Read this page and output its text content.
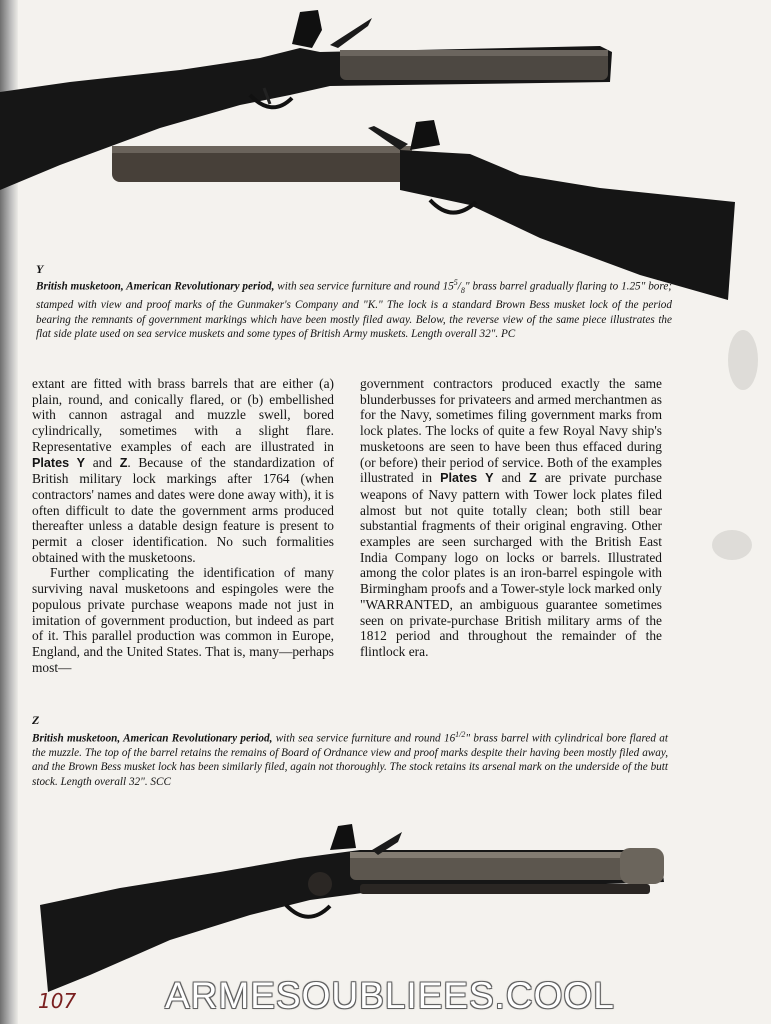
Y
British musketoon, American Revolutionary period, with sea service furniture and round $15^5/_8$" brass barrel gradually flaring to 1.25" bore; stamped with view and proof marks of the Gunmaker's Company and "K." The lock is a standard Brown Bess musket lock of the period bearing the remnants of government markings which have been mostly filed away. Below, the reverse view of the same piece illustrates the flat side plate used on sea service muskets and some types of British Army muskets. Length overall 32". PC

extant are fitted with brass barrels that are either (a) plain, round, and conically flared, or (b) embellished with cannon astragal and muzzle swell, bored cylindrically, sometimes with a slight flare. Representative examples of each are illustrated in Plates Y and Z. Because of the standardization of British military lock markings after 1764 (when contractors' names and dates were done away with), it is often difficult to date the government arms produced thereafter unless a datable design feature is present to permit a closer identification. No such formalities obtained with the musketoons.

Further complicating the identification of many surviving naval musketoons and espingoles were the populous private purchase weapons made not just in imitation of government production, but indeed as part of it. This parallel production was common in Europe, England, and the United States. That is, many—perhaps most—

government contractors produced exactly the same blunderbusses for privateers and armed merchantmen as for the Navy, sometimes filing government marks from lock plates. The locks of quite a few Royal Navy ship's musketoons are seen to have been thus effaced during (or before) their period of service. Both of the examples illustrated in Plates Y and Z are private purchase weapons of Navy pattern with Tower lock plates filed almost but not quite totally clean; both still bear substantial fragments of their original engraving. Other examples are seen surcharged with the British East India Company logo on locks or barrels. Illustrated among the color plates is an iron-barrel espingole with Birmingham proofs and a Tower-style lock marked only "WARRANTED, an ambiguous guarantee sometimes seen on private-purchase British military arms of the 1812 period and throughout the remainder of the flintlock era.

Z
British musketoon, American Revolutionary period, with sea service furniture and round $16^{1/2}$" brass barrel with cylindrical bore flared at the muzzle. The top of the barrel retains the remains of Board of Ordnance view and proof marks despite their having been mostly filed away, and the Brown Bess musket lock has been similarly filed, again not thoroughly. The stock retains its arsenal mark on the underside of the butt stock. Length overall 32". SCC
107 ARMESOUBLIEES.COOL
